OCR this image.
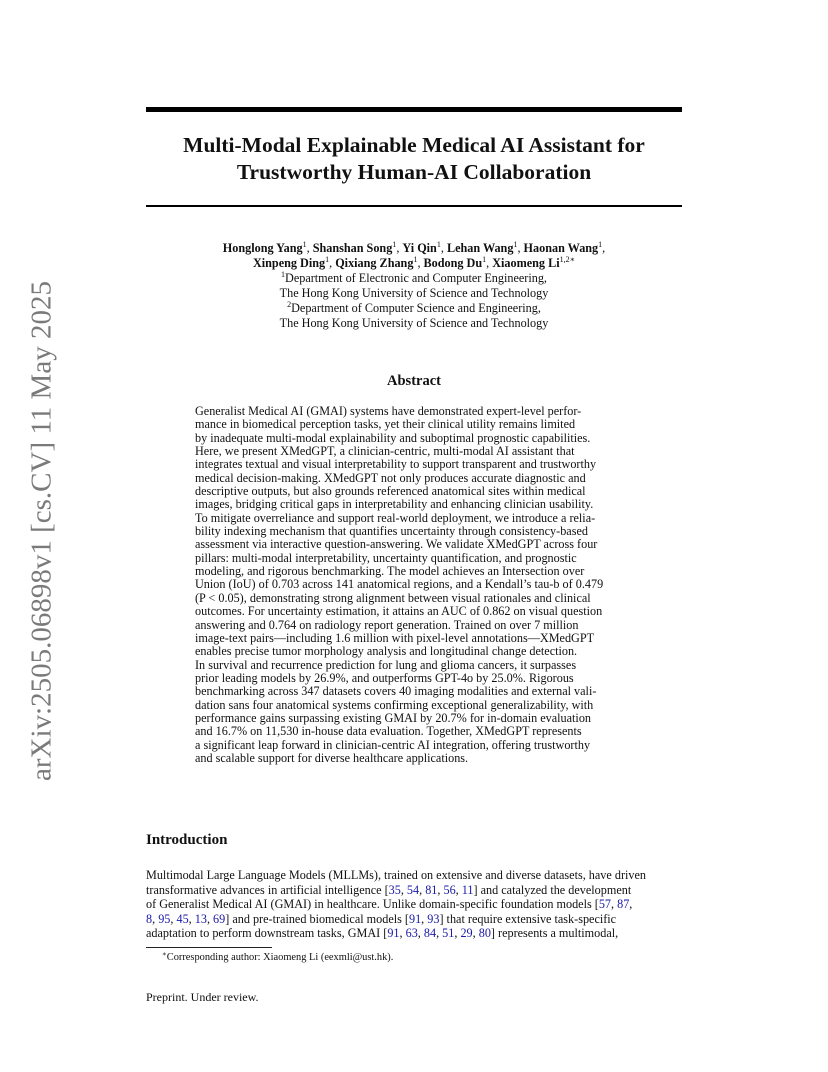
arXiv:2505.06898v1 [cs.CV] 11 May 2025
Multi-Modal Explainable Medical AI Assistant for
Trustworthy Human-AI Collaboration
Honglong Yang$^1$, Shanshan Song$^1$, Yi Qin$^1$, Lehan Wang$^1$, Haonan Wang$^1$,
Xinpeng Ding$^1$, Qixiang Zhang$^1$, Bodong Du$^1$, Xiaomeng $Li^{1,2∗}$
$^1$Department of Electronic and Computer Engineering,
The Hong Kong University of Science and Technology
$^2$Department of Computer Science and Engineering,
The Hong Kong University of Science and Technology
Abstract
Generalist Medical AI (GMAI) systems have demonstrated expert-level perfor-
mance in biomedical perception tasks, yet their clinical utility remains limited
by inadequate multi-modal explainability and suboptimal prognostic capabilities.
Here, we present XMedGPT, a clinician-centric, multi-modal AI assistant that
integrates textual and visual interpretability to support transparent and trustworthy
medical decision-making. XMedGPT not only produces accurate diagnostic and
descriptive outputs, but also grounds referenced anatomical sites within medical
images, bridging critical gaps in interpretability and enhancing clinician usability.
To mitigate overreliance and support real-world deployment, we introduce a relia-
bility indexing mechanism that quantifies uncertainty through consistency-based
assessment via interactive question-answering. We validate XMedGPT across four
pillars: multi-modal interpretability, uncertainty quantification, and prognostic
modeling, and rigorous benchmarking. The model achieves an Intersection over
Union (IoU) of 0.703 across 141 anatomical regions, and a Kendall’s tau-b of 0.479
(P < 0.05), demonstrating strong alignment between visual rationales and clinical
outcomes. For uncertainty estimation, it attains an AUC of 0.862 on visual question
answering and 0.764 on radiology report generation. Trained on over 7 million
image-text pairs—including 1.6 million with pixel-level annotations—XMedGPT
enables precise tumor morphology analysis and longitudinal change detection.
In survival and recurrence prediction for lung and glioma cancers, it surpasses
prior leading models by 26.9%, and outperforms GPT-4o by 25.0%. Rigorous
benchmarking across 347 datasets covers 40 imaging modalities and external vali-
dation sans four anatomical systems confirming exceptional generalizability, with
performance gains surpassing existing GMAI by 20.7% for in-domain evaluation
and 16.7% on 11,530 in-house data evaluation. Together, XMedGPT represents
a significant leap forward in clinician-centric AI integration, offering trustworthy
and scalable support for diverse healthcare applications.
Introduction
Multimodal Large Language Models (MLLMs), trained on extensive and diverse datasets, have driven
transformative advances in artificial intelligence [35, 54, 81, 56, 11] and catalyzed the development
of Generalist Medical AI (GMAI) in healthcare. Unlike domain-specific foundation models [57, 87,
8, 95, 45, 13, 69] and pre-trained biomedical models [91, 93] that require extensive task-specific
adaptation to perform downstream tasks, GMAI [91, 63, 84, 51, 29, 80] represents a multimodal,
∗Corresponding author: Xiaomeng Li (eexmli@ust.hk).
Preprint. Under review.
